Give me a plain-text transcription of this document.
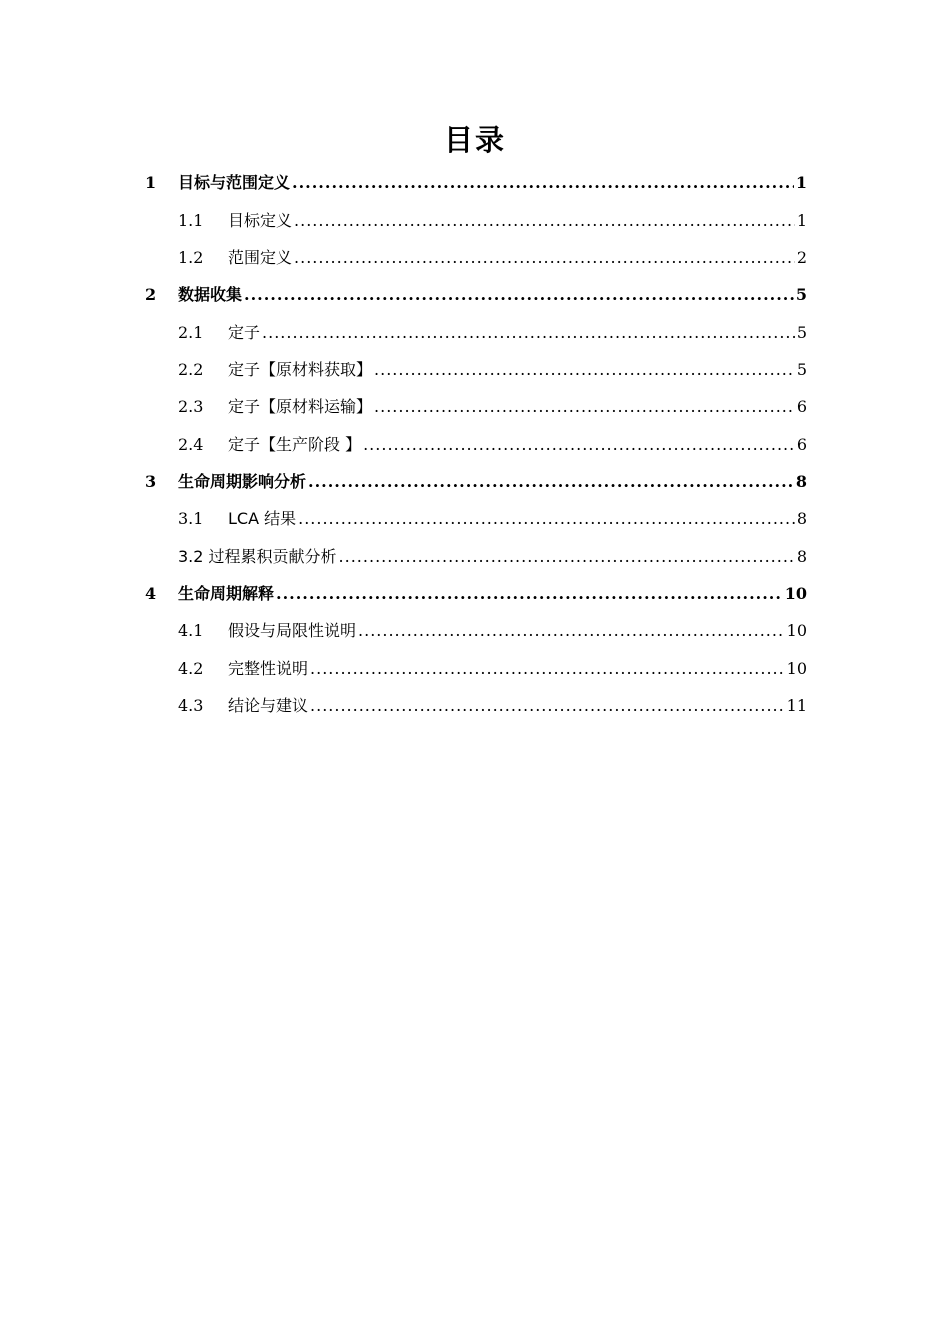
目录
1	目标与范围定义 .....	1
1.1	目标定义 .....	1
1.2	范围定义 .....	2
2	数据收集 .....	5
2.1	定子 .....	5
2.2	定子【原材料获取】 .....	5
2.3	定子【原材料运输】 .....	6
2.4	定子【生产阶段 】 .....	6
3	生命周期影响分析 .....	8
3.1	LCA 结果 .....	8
3.2 过程累积贡献分析 .....	8
4	生命周期解释 .....	10
4.1	假设与局限性说明 .....	10
4.2	完整性说明 .....	10
4.3	结论与建议 .....	11
